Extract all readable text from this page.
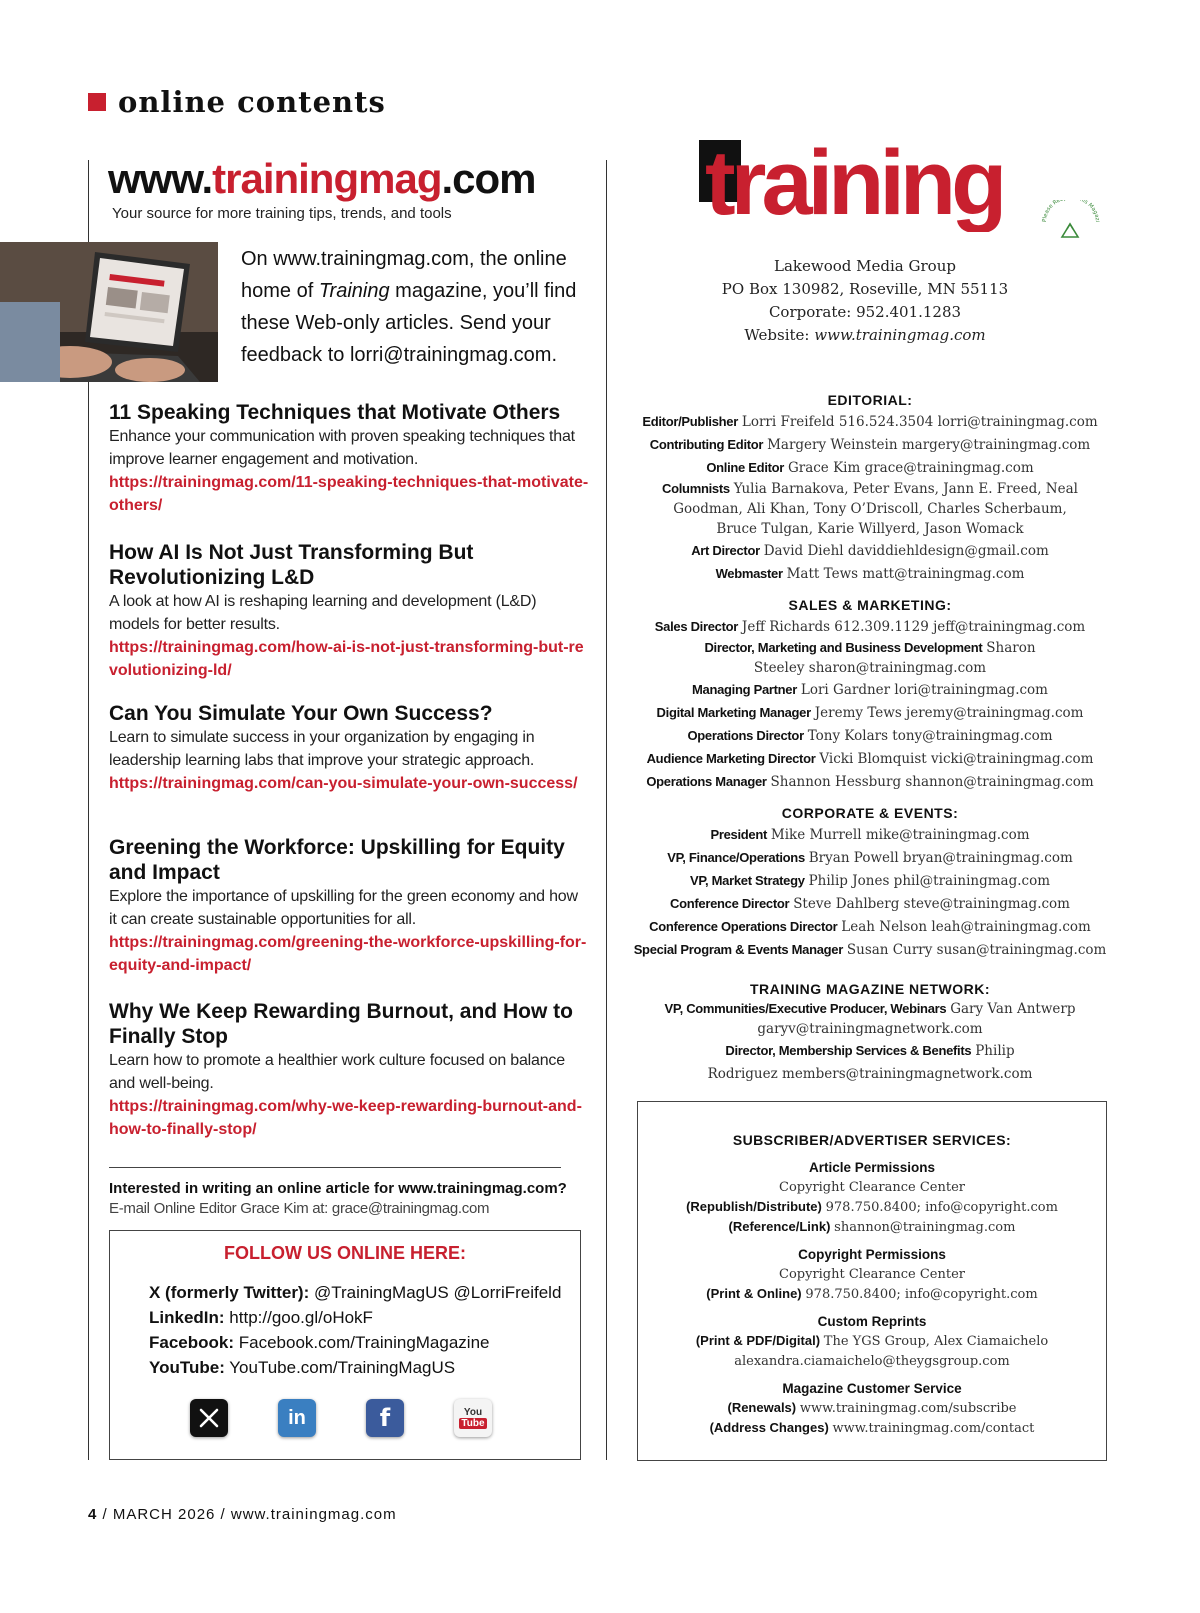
online contents
www.trainingmag.com
Your source for more training tips, trends, and tools
On www.trainingmag.com, the online home of Training magazine, you’ll find these Web-only articles. Send your feedback to lorri@trainingmag.com.
11 Speaking Techniques that Motivate Others
Enhance your communication with proven speaking techniques that improve learner engagement and motivation.
https://trainingmag.com/11-speaking-techniques-that-motivate-others/
How AI Is Not Just Transforming But Revolutionizing L&D
A look at how AI is reshaping learning and development (L&D) models for better results.
https://trainingmag.com/how-ai-is-not-just-transforming-but-revolutionizing-ld/
Can You Simulate Your Own Success?
Learn to simulate success in your organization by engaging in leadership learning labs that improve your strategic approach.
https://trainingmag.com/can-you-simulate-your-own-success/
Greening the Workforce: Upskilling for Equity and Impact
Explore the importance of upskilling for the green economy and how it can create sustainable opportunities for all.
https://trainingmag.com/greening-the-workforce-upskilling-for-equity-and-impact/
Why We Keep Rewarding Burnout, and How to Finally Stop
Learn how to promote a healthier work culture focused on balance and well-being.
https://trainingmag.com/why-we-keep-rewarding-burnout-and-how-to-finally-stop/
Interested in writing an online article for www.trainingmag.com?
E-mail Online Editor Grace Kim at: grace@trainingmag.com
FOLLOW US ONLINE HERE:
X (formerly Twitter): @TrainingMagUS @LorriFreifeld
LinkedIn: http://goo.gl/oHokF
Facebook: Facebook.com/TrainingMagazine
YouTube: YouTube.com/TrainingMagUS
in	f	You
Tube
training	Please Re his Magazi
Lakewood Media Group
PO Box 130982, Roseville, MN 55113
Corporate: 952.401.1283
Website: www.trainingmag.com
EDITORIAL:
Editor/Publisher Lorri Freifeld 516.524.3504 lorri@trainingmag.com
Contributing Editor Margery Weinstein margery@trainingmag.com
Online Editor Grace Kim grace@trainingmag.com
Columnists Yulia Barnakova, Peter Evans, Jann E. Freed, Neal Goodman, Ali Khan, Tony O’Driscoll, Charles Scherbaum, Bruce Tulgan, Karie Willyerd, Jason Womack
Art Director David Diehl daviddiehldesign@gmail.com
Webmaster Matt Tews matt@trainingmag.com
SALES & MARKETING:
Sales Director Jeff Richards 612.309.1129 jeff@trainingmag.com
Director, Marketing and Business Development Sharon Steeley sharon@trainingmag.com
Managing Partner Lori Gardner lori@trainingmag.com
Digital Marketing Manager Jeremy Tews jeremy@trainingmag.com
Operations Director Tony Kolars tony@trainingmag.com
Audience Marketing Director Vicki Blomquist vicki@trainingmag.com
Operations Manager Shannon Hessburg shannon@trainingmag.com
CORPORATE & EVENTS:
President Mike Murrell mike@trainingmag.com
VP, Finance/Operations Bryan Powell bryan@trainingmag.com
VP, Market Strategy Philip Jones phil@trainingmag.com
Conference Director Steve Dahlberg steve@trainingmag.com
Conference Operations Director Leah Nelson leah@trainingmag.com
Special Program & Events Manager Susan Curry susan@trainingmag.com
TRAINING MAGAZINE NETWORK:
VP, Communities/Executive Producer, Webinars Gary Van Antwerp garyv@trainingmagnetwork.com
Director, Membership Services & Benefits Philip Rodriguez members@trainingmagnetwork.com
SUBSCRIBER/ADVERTISER SERVICES:
Article Permissions
Copyright Clearance Center
(Republish/Distribute) 978.750.8400; info@copyright.com
(Reference/Link) shannon@trainingmag.com
Copyright Permissions
Copyright Clearance Center
(Print & Online) 978.750.8400; info@copyright.com
Custom Reprints
(Print & PDF/Digital) The YGS Group, Alex Ciamaichelo
alexandra.ciamaichelo@theygsgroup.com
Magazine Customer Service
(Renewals) www.trainingmag.com/subscribe
(Address Changes) www.trainingmag.com/contact
4 / MARCH 2026 / www.trainingmag.com
